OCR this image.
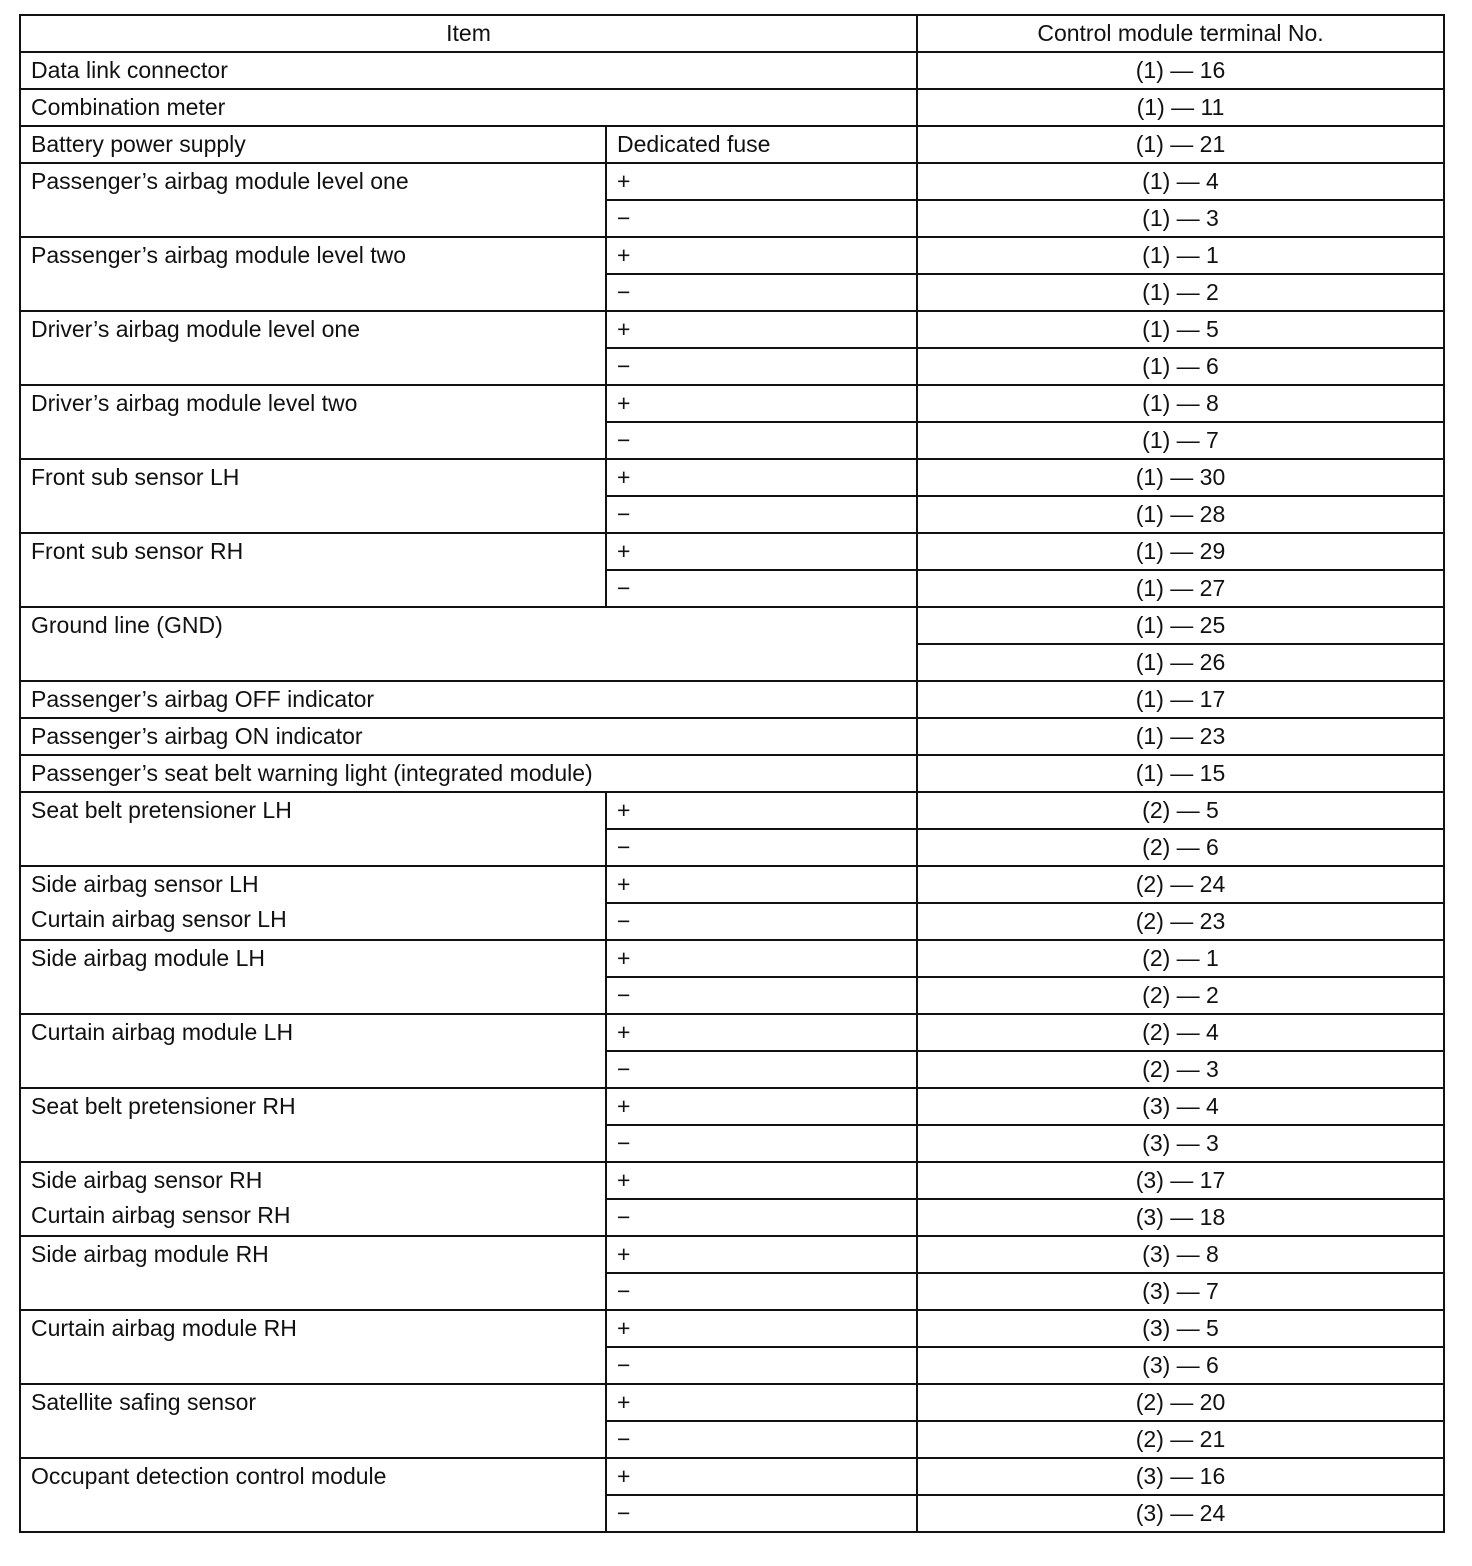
Item		Control module terminal No.
Data link connector		(1) — 16
Combination meter		(1) — 11
Battery power supply	Dedicated fuse	(1) — 21

Passenger’s airbag module level one	+	(1) — 4
	−	(1) — 3

Passenger’s airbag module level two	+	(1) — 1
	−	(1) — 2

Driver’s airbag module level one	+	(1) — 5
	−	(1) — 6

Driver’s airbag module level two	+	(1) — 8
	−	(1) — 7

Front sub sensor LH	+	(1) — 30
	−	(1) — 28

Front sub sensor RH	+	(1) — 29
	−	(1) — 27
Ground line (GND)		(1) — 25
		(1) — 26
Passenger’s airbag OFF indicator		(1) — 17
Passenger’s airbag ON indicator		(1) — 23
Passenger’s seat belt warning light (integrated module)		(1) — 15

Seat belt pretensioner LH	+	(2) — 5
	−	(2) — 6

Side airbag sensor LH
Curtain airbag sensor LH	+	(2) — 24
	−	(2) — 23

Side airbag module LH	+	(2) — 1
	−	(2) — 2

Curtain airbag module LH	+	(2) — 4
	−	(2) — 3

Seat belt pretensioner RH	+	(3) — 4
	−	(3) — 3

Side airbag sensor RH
Curtain airbag sensor RH	+	(3) — 17
	−	(3) — 18

Side airbag module RH	+	(3) — 8
	−	(3) — 7

Curtain airbag module RH	+	(3) — 5
	−	(3) — 6

Satellite safing sensor	+	(2) — 20
	−	(2) — 21

Occupant detection control module	+	(3) — 16
	−	(3) — 24
